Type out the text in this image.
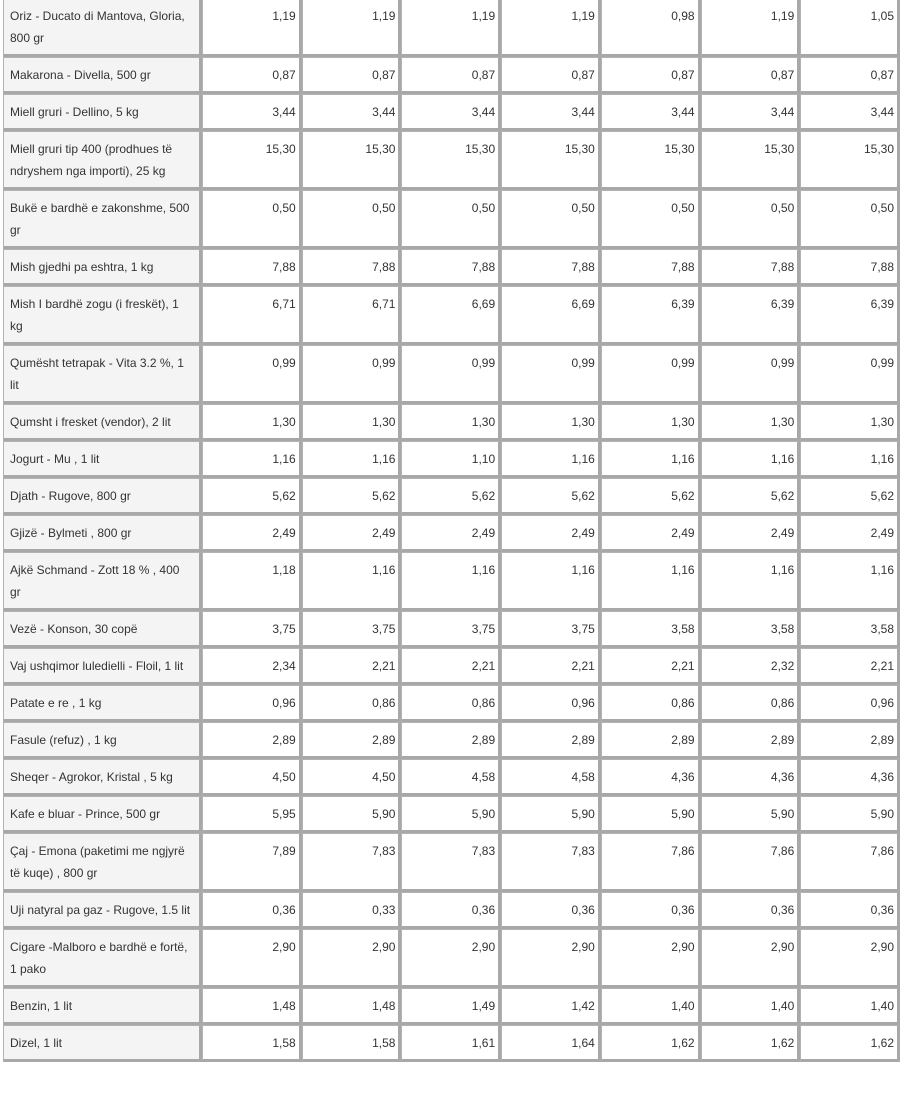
Oriz - Ducato di Mantova, Gloria, 800 gr	1,19	1,19	1,19	1,19	0,98	1,19	1,05
Makarona - Divella, 500 gr	0,87	0,87	0,87	0,87	0,87	0,87	0,87
Miell gruri - Dellino, 5 kg	3,44	3,44	3,44	3,44	3,44	3,44	3,44
Miell gruri tip 400 (prodhues të ndryshem nga importi), 25 kg	15,30	15,30	15,30	15,30	15,30	15,30	15,30
Bukë e bardhë e zakonshme, 500 gr	0,50	0,50	0,50	0,50	0,50	0,50	0,50
Mish gjedhi pa eshtra, 1 kg	7,88	7,88	7,88	7,88	7,88	7,88	7,88
Mish I bardhë zogu (i freskët), 1 kg	6,71	6,71	6,69	6,69	6,39	6,39	6,39
Qumësht tetrapak - Vita 3.2 %, 1 lit	0,99	0,99	0,99	0,99	0,99	0,99	0,99
Qumsht i fresket (vendor), 2 lit	1,30	1,30	1,30	1,30	1,30	1,30	1,30
Jogurt - Mu , 1 lit	1,16	1,16	1,10	1,16	1,16	1,16	1,16
Djath - Rugove, 800 gr	5,62	5,62	5,62	5,62	5,62	5,62	5,62
Gjizë - Bylmeti , 800 gr	2,49	2,49	2,49	2,49	2,49	2,49	2,49
Ajkë Schmand - Zott 18 % , 400 gr	1,18	1,16	1,16	1,16	1,16	1,16	1,16
Vezë - Konson, 30 copë	3,75	3,75	3,75	3,75	3,58	3,58	3,58
Vaj ushqimor luledielli - Floil, 1 lit	2,34	2,21	2,21	2,21	2,21	2,32	2,21
Patate e re , 1 kg	0,96	0,86	0,86	0,96	0,86	0,86	0,96
Fasule (refuz) , 1 kg	2,89	2,89	2,89	2,89	2,89	2,89	2,89
Sheqer - Agrokor, Kristal , 5 kg	4,50	4,50	4,58	4,58	4,36	4,36	4,36
Kafe e bluar - Prince, 500 gr	5,95	5,90	5,90	5,90	5,90	5,90	5,90
Çaj - Emona (paketimi me ngjyrë të kuqe) , 800 gr	7,89	7,83	7,83	7,83	7,86	7,86	7,86
Uji natyral pa gaz - Rugove, 1.5 lit	0,36	0,33	0,36	0,36	0,36	0,36	0,36
Cigare -Malboro e bardhë e fortë, 1 pako	2,90	2,90	2,90	2,90	2,90	2,90	2,90
Benzin, 1 lit	1,48	1,48	1,49	1,42	1,40	1,40	1,40
Dizel, 1 lit	1,58	1,58	1,61	1,64	1,62	1,62	1,62
